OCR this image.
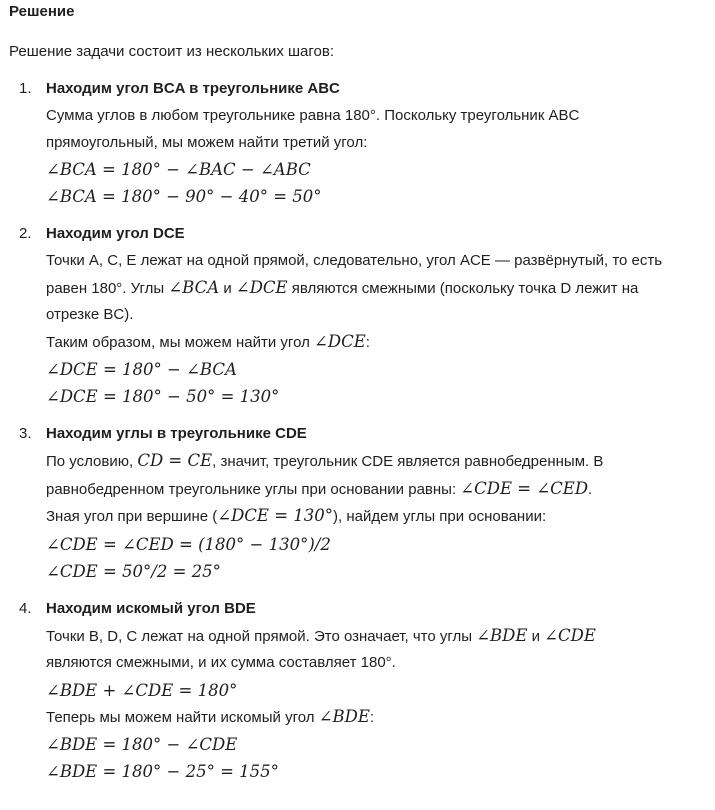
Решение
Решение задачи состоит из нескольких шагов:
1. Находим угол BCA в треугольнике ABC
Сумма углов в любом треугольнике равна 180°. Поскольку треугольник ABC
прямоугольный, мы можем найти третий угол:
∠BCA = 180° − ∠BAC − ∠ABC
∠BCA = 180° − 90° − 40° = 50°
2. Находим угол DCE
Точки A, C, E лежат на одной прямой, следовательно, угол ACE — развёрнутый, то есть
равен 180°. Углы ∠BCA и ∠DCE являются смежными (поскольку точка D лежит на
отрезке BC).
Таким образом, мы можем найти угол ∠DCE:
∠DCE = 180° − ∠BCA
∠DCE = 180° − 50° = 130°
3. Находим углы в треугольнике CDE
По условию, CD = CE, значит, треугольник CDE является равнобедренным. В
равнобедренном треугольнике углы при основании равны: ∠CDE = ∠CED.
Зная угол при вершине (∠DCE = 130°), найдем углы при основании:
∠CDE = ∠CED = (180° − 130°)/2
∠CDE = 50°/2 = 25°
4. Находим искомый угол BDE
Точки B, D, C лежат на одной прямой. Это означает, что углы ∠BDE и ∠CDE
являются смежными, и их сумма составляет 180°.
∠BDE + ∠CDE = 180°
Теперь мы можем найти искомый угол ∠BDE:
∠BDE = 180° − ∠CDE
∠BDE = 180° − 25° = 155°
